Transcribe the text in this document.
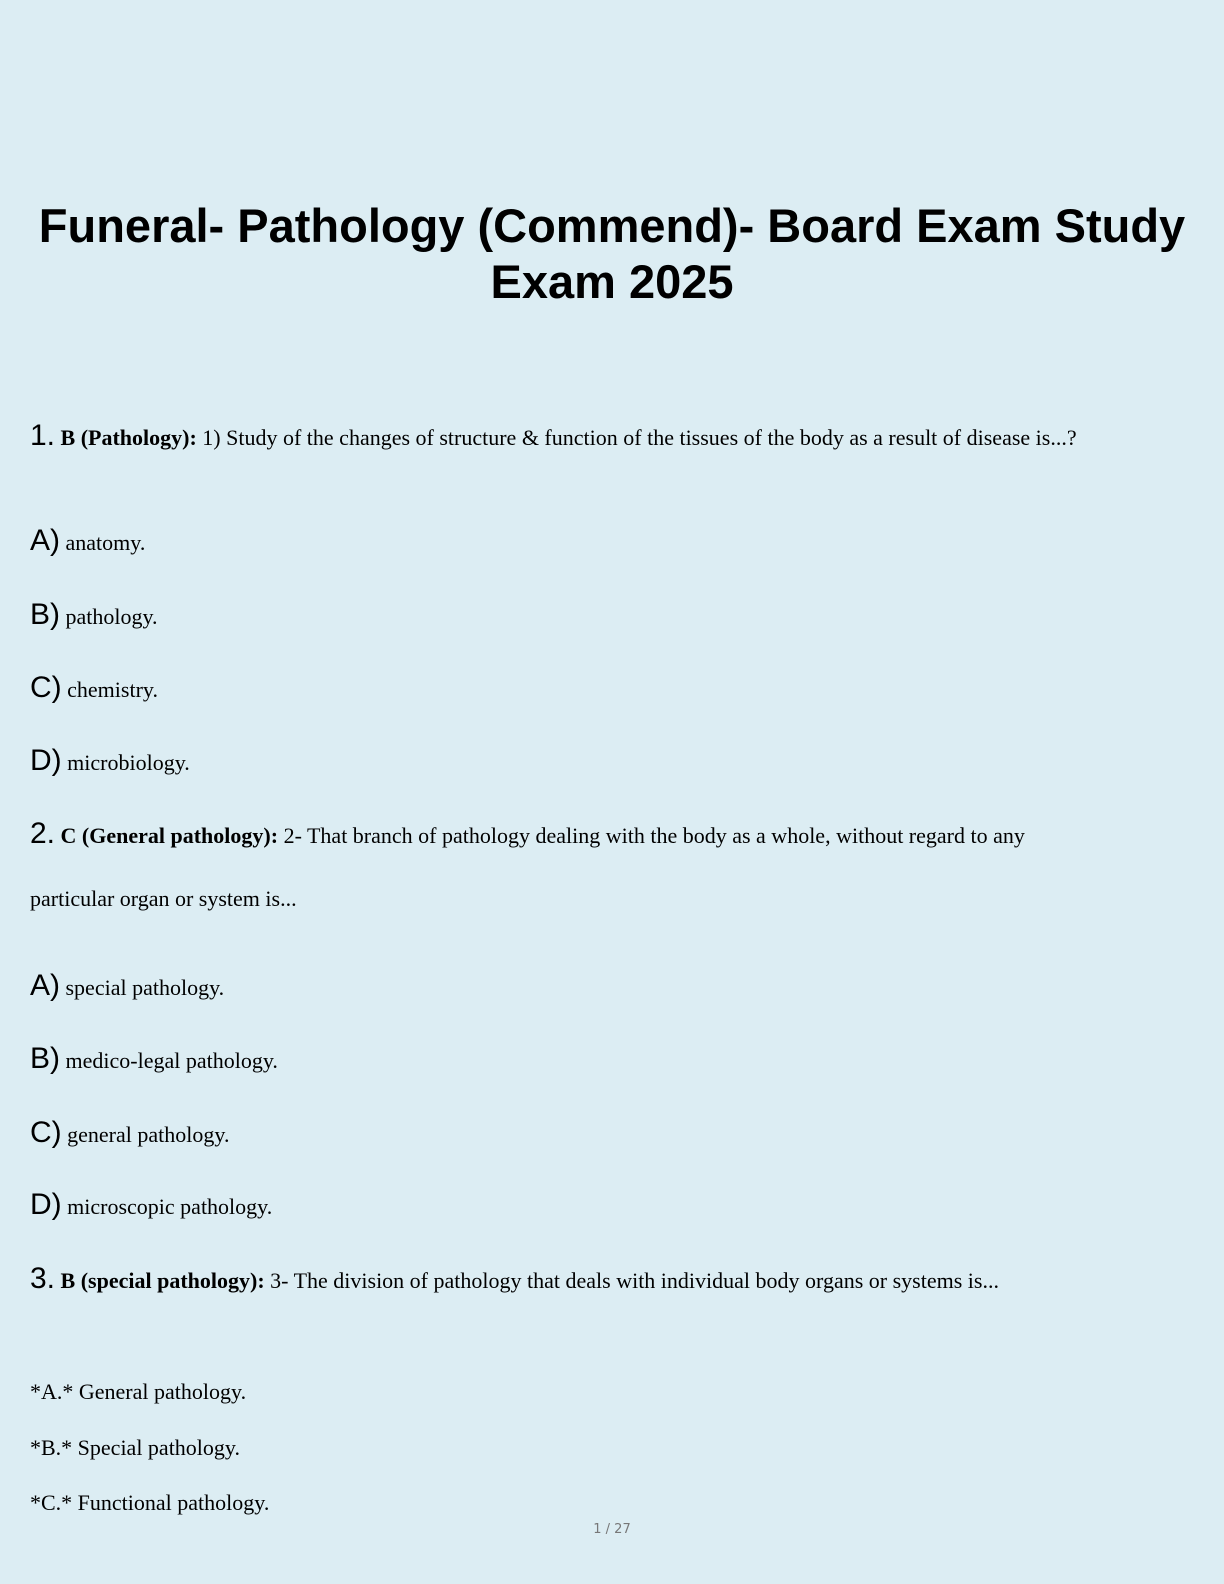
Funeral- Pathology (Commend)- Board Exam Study Exam 2025
1. B (Pathology): 1) Study of the changes of structure & function of the tissues of the body as a result of disease is...?
A) anatomy.
B) pathology.
C) chemistry.
D) microbiology.
2. C (General pathology): 2- That branch of pathology dealing with the body as a whole, without regard to any
particular organ or system is...
A) special pathology.
B) medico-legal pathology.
C) general pathology.
D) microscopic pathology.
3. B (special pathology): 3- The division of pathology that deals with individual body organs or systems is...
*A.* General pathology.
*B.* Special pathology.
*C.* Functional pathology.
1 / 27
